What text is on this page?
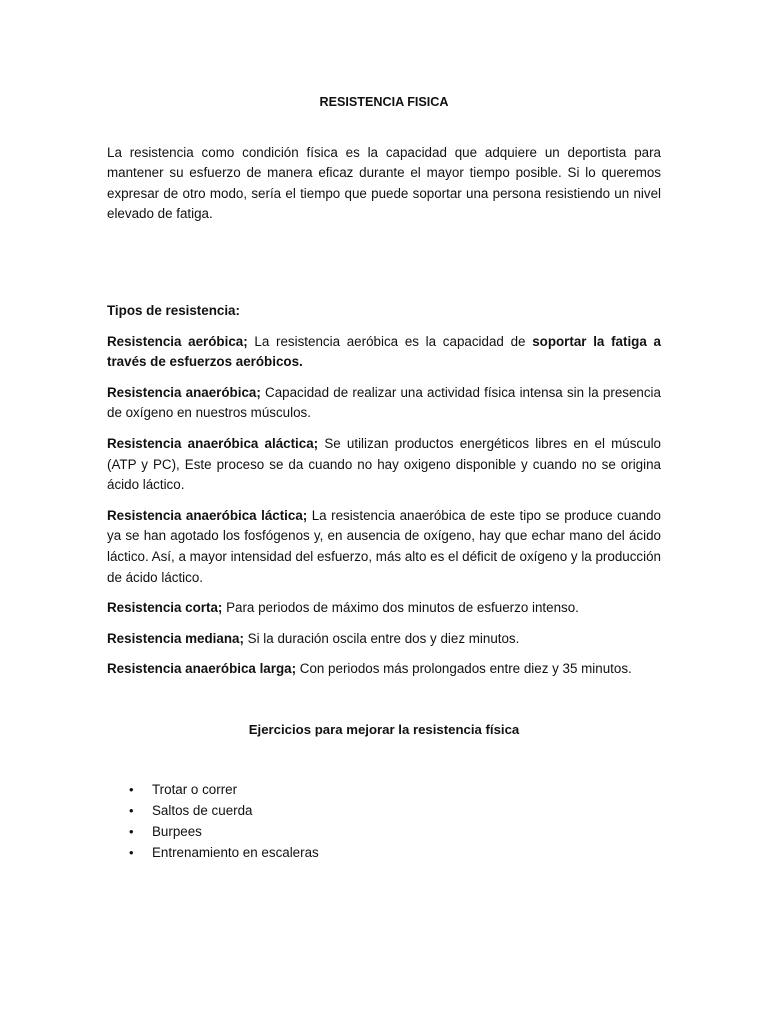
RESISTENCIA FISICA

La resistencia como condición física es la capacidad que adquiere un deportista para mantener su esfuerzo de manera eficaz durante el mayor tiempo posible. Si lo queremos expresar de otro modo, sería el tiempo que puede soportar una persona resistiendo un nivel elevado de fatiga.

Tipos de resistencia:

Resistencia aeróbica; La resistencia aeróbica es la capacidad de soportar la fatiga a través de esfuerzos aeróbicos.

Resistencia anaeróbica; Capacidad de realizar una actividad física intensa sin la presencia de oxígeno en nuestros músculos.

Resistencia anaeróbica aláctica; Se utilizan productos energéticos libres en el músculo (ATP y PC), Este proceso se da cuando no hay oxigeno disponible y cuando no se origina ácido láctico.

Resistencia anaeróbica láctica; La resistencia anaeróbica de este tipo se produce cuando ya se han agotado los fosfógenos y, en ausencia de oxígeno, hay que echar mano del ácido láctico. Así, a mayor intensidad del esfuerzo, más alto es el déficit de oxígeno y la producción de ácido láctico.

Resistencia corta; Para periodos de máximo dos minutos de esfuerzo intenso.

Resistencia mediana; Si la duración oscila entre dos y diez minutos.

Resistencia anaeróbica larga; Con periodos más prolongados entre diez y 35 minutos.

Ejercicios para mejorar la resistencia física

• Trotar o correr
• Saltos de cuerda
• Burpees
• Entrenamiento en escaleras
